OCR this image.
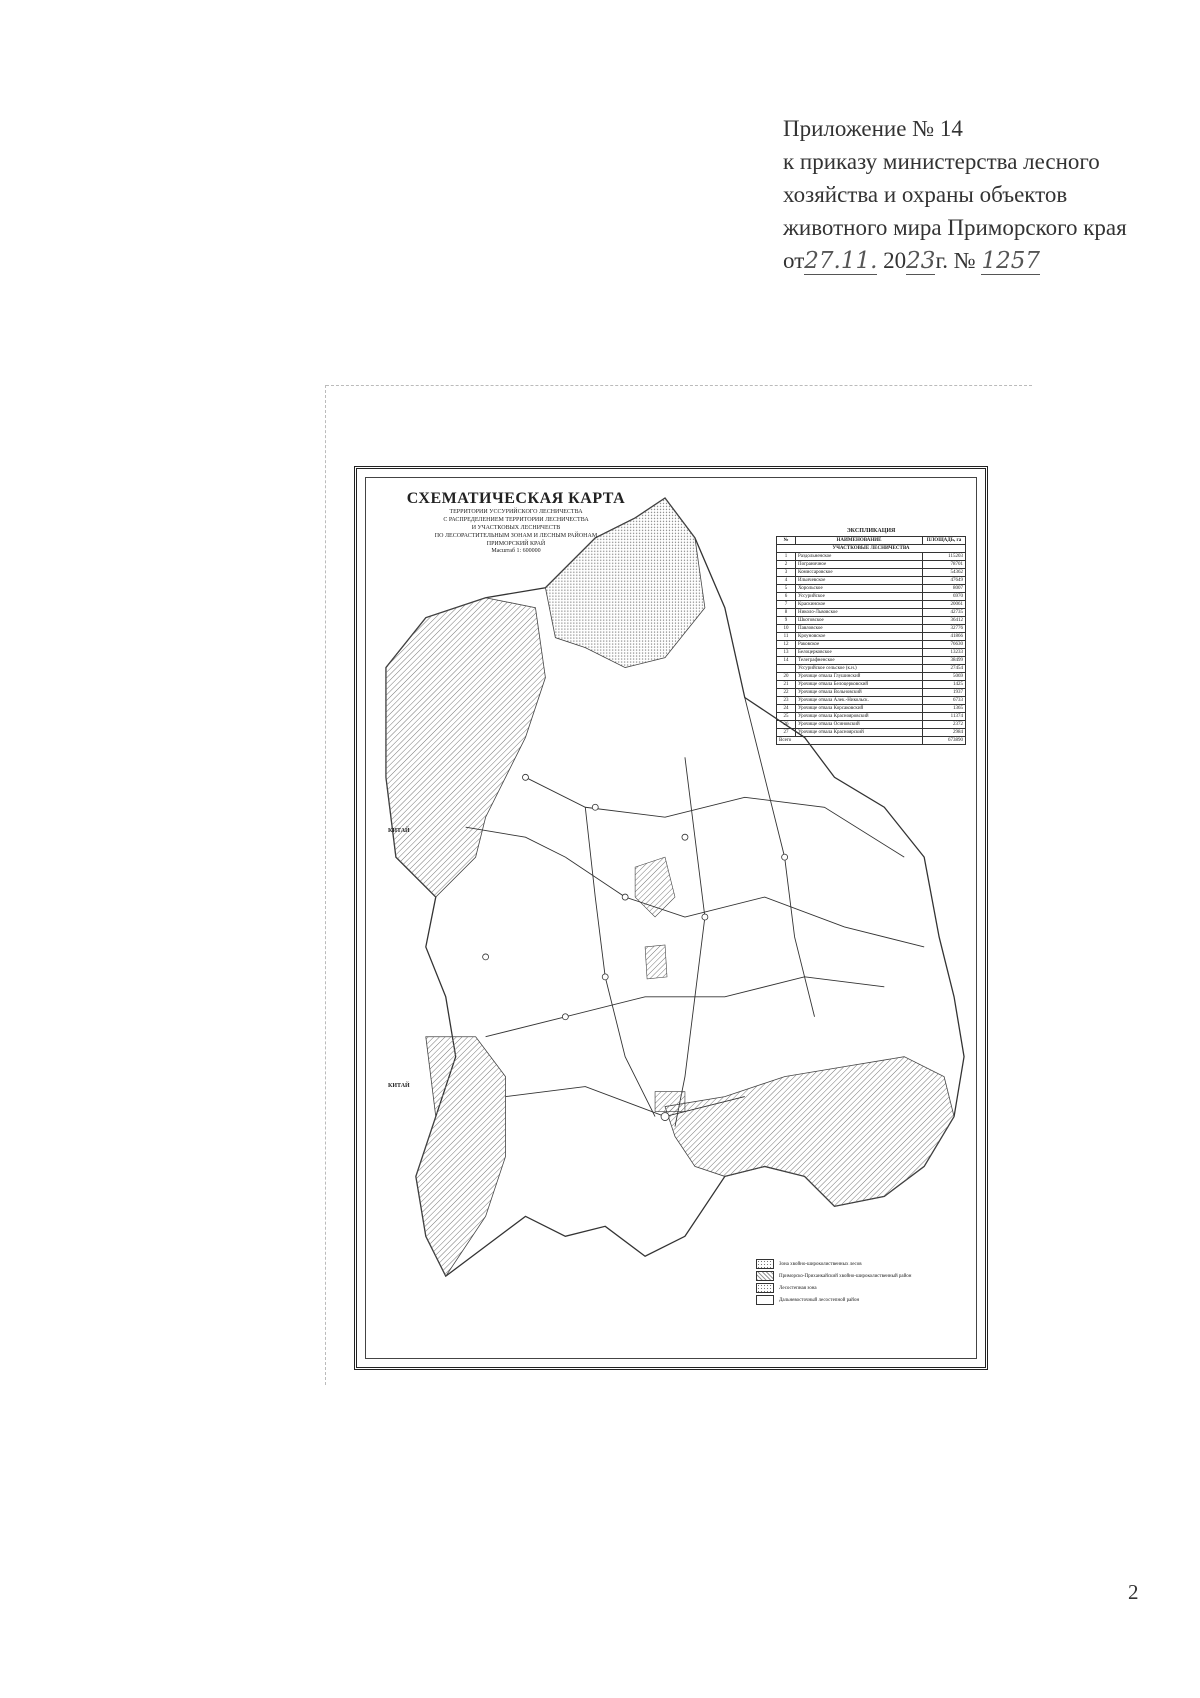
Приложение № 14
к приказу министерства лесного
хозяйства и охраны объектов
животного мира Приморского края
от27.11. 2023г. № 1257
СХЕМАТИЧЕСКАЯ КАРТА
ТЕРРИТОРИИ УССУРИЙСКОГО ЛЕСНИЧЕСТВА
С РАСПРЕДЕЛЕНИЕМ ТЕРРИТОРИИ ЛЕСНИЧЕСТВА
И УЧАСТКОВЫХ ЛЕСНИЧЕСТВ
ПО ЛЕСОРАСТИТЕЛЬНЫМ ЗОНАМ И ЛЕСНЫМ РАЙОНАМ
ПРИМОРСКИЙ КРАЙ
Масштаб 1: 600000
ЭКСПЛИКАЦИЯ
№	НАИМЕНОВАНИЕ	ПЛОЩАДЬ, га
УЧАСТКОВЫЕ ЛЕСНИЧЕСТВА		
1	Раздольненское	115203
2	Пограничное	78701
3	Комиссаровское	54362
4	Ильичевское	47649
5	Хорольское	8007
6	Уссурийское	6970
7	Краскинское	20061
8	Николо-Львовское	42735
9	Шкотовское	36412
10	Павловское	32776
11	Кроуновское	41866
12	Раковское	76630
13	Белоцерковское	13233
14	Телеграфненское	38499
	Уссурийское сельское (к.н.)	27454
20	Урочище отвала Глушинский	5069
21	Урочище отвала Белоцерковский	1425
22	Урочище отвала Вольновский	1937
23	Урочище отвала Алек.-Никольск.	6733
24	Урочище отвала Корсаковский	1365
25	Урочище отвала Краснояровский	11374
26	Урочище отвала Осиновский	2372
27	Урочище отвала Красноярский	2984
Всего		673890
КИТАЙ
КИТАЙ
Зона хвойно-широколиственных лесов
Приморско-Приханкайский хвойно-широколиственный район
Лесостепная зона
Дальневосточный лесостепной район
2
